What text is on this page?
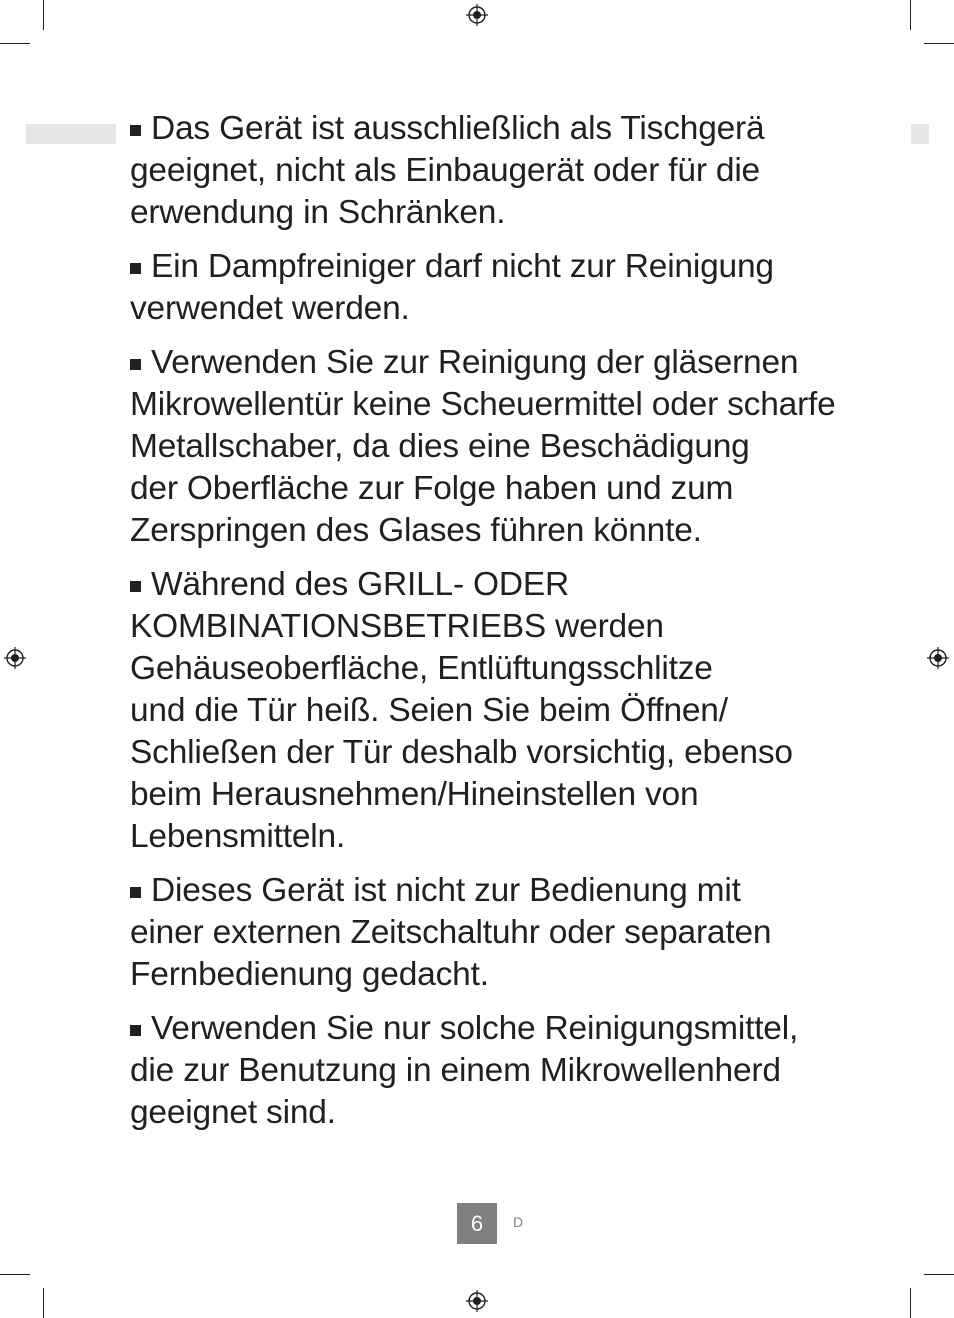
Das Gerät ist ausschließlich als Tischgerä
geeignet, nicht als Einbaugerät oder für die
erwendung in Schränken.

Ein Dampfreiniger darf nicht zur Reinigung
verwendet werden.

Verwenden Sie zur Reinigung der gläsernen
Mikrowellentür keine Scheuermittel oder scharfe
Metallschaber, da dies eine Beschädigung
der Oberfläche zur Folge haben und zum
Zerspringen des Glases führen könnte.

Während des GRILL- ODER
KOMBINATIONSBETRIEBS werden
Gehäuseoberfläche, Entlüftungsschlitze
und die Tür heiß. Seien Sie beim Öffnen/
Schließen der Tür deshalb vorsichtig, ebenso
beim Herausnehmen/Hineinstellen von
Lebensmitteln.

Dieses Gerät ist nicht zur Bedienung mit
einer externen Zeitschaltuhr oder separaten
Fernbedienung gedacht.

Verwenden Sie nur solche Reinigungsmittel,
die zur Benutzung in einem Mikrowellenherd
geeignet sind.

6	D
